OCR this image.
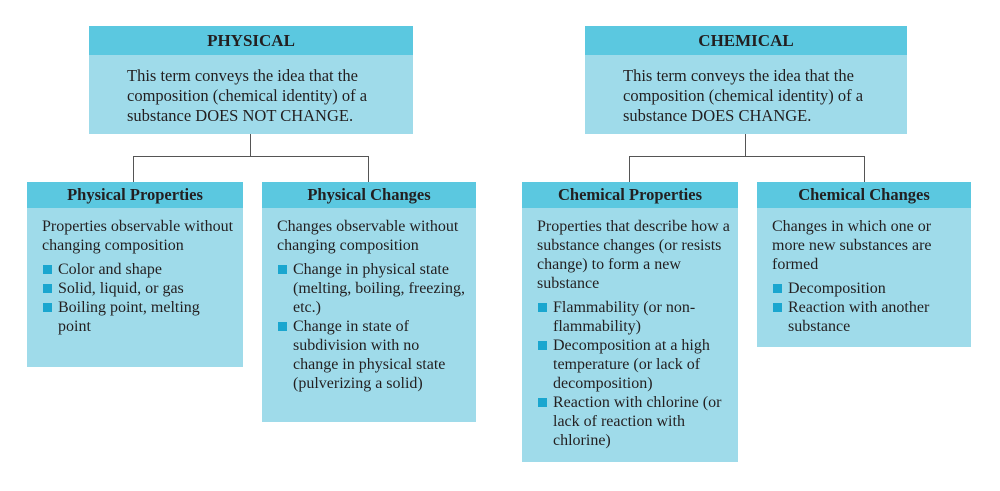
PHYSICAL
This term conveys the idea that the composition (chemical identity) of a substance DOES NOT CHANGE.
CHEMICAL
This term conveys the idea that the composition (chemical identity) of a substance DOES CHANGE.
Physical Properties
Properties observable without changing composition
Color and shape
Solid, liquid, or gas
Boiling point, melting point
Physical Changes
Changes observable without changing composition
Change in physical state (melting, boiling, freezing, etc.)
Change in state of subdivision with no change in physical state (pulverizing a solid)
Chemical Properties
Properties that describe how a substance changes (or resists change) to form a new substance
Flammability (or non-flammability)
Decomposition at a high temperature (or lack of decomposition)
Reaction with chlorine (or lack of reaction with chlorine)
Chemical Changes
Changes in which one or more new substances are formed
Decomposition
Reaction with another substance
